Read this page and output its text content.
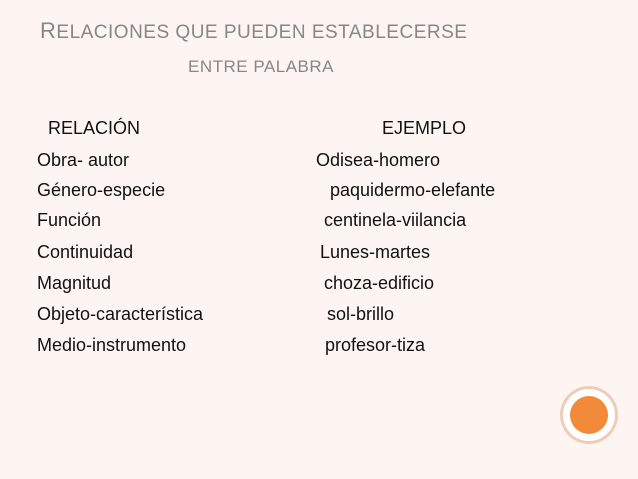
RELACIONES QUE PUEDEN ESTABLECERSE
ENTRE PALABRA
RELACIÓN	EJEMPLO
Obra- autor	Odisea-homero
Género-especie	paquidermo-elefante
Función	centinela-viilancia
Continuidad	Lunes-martes
Magnitud	choza-edificio
Objeto-característica	sol-brillo
Medio-instrumento	profesor-tiza
